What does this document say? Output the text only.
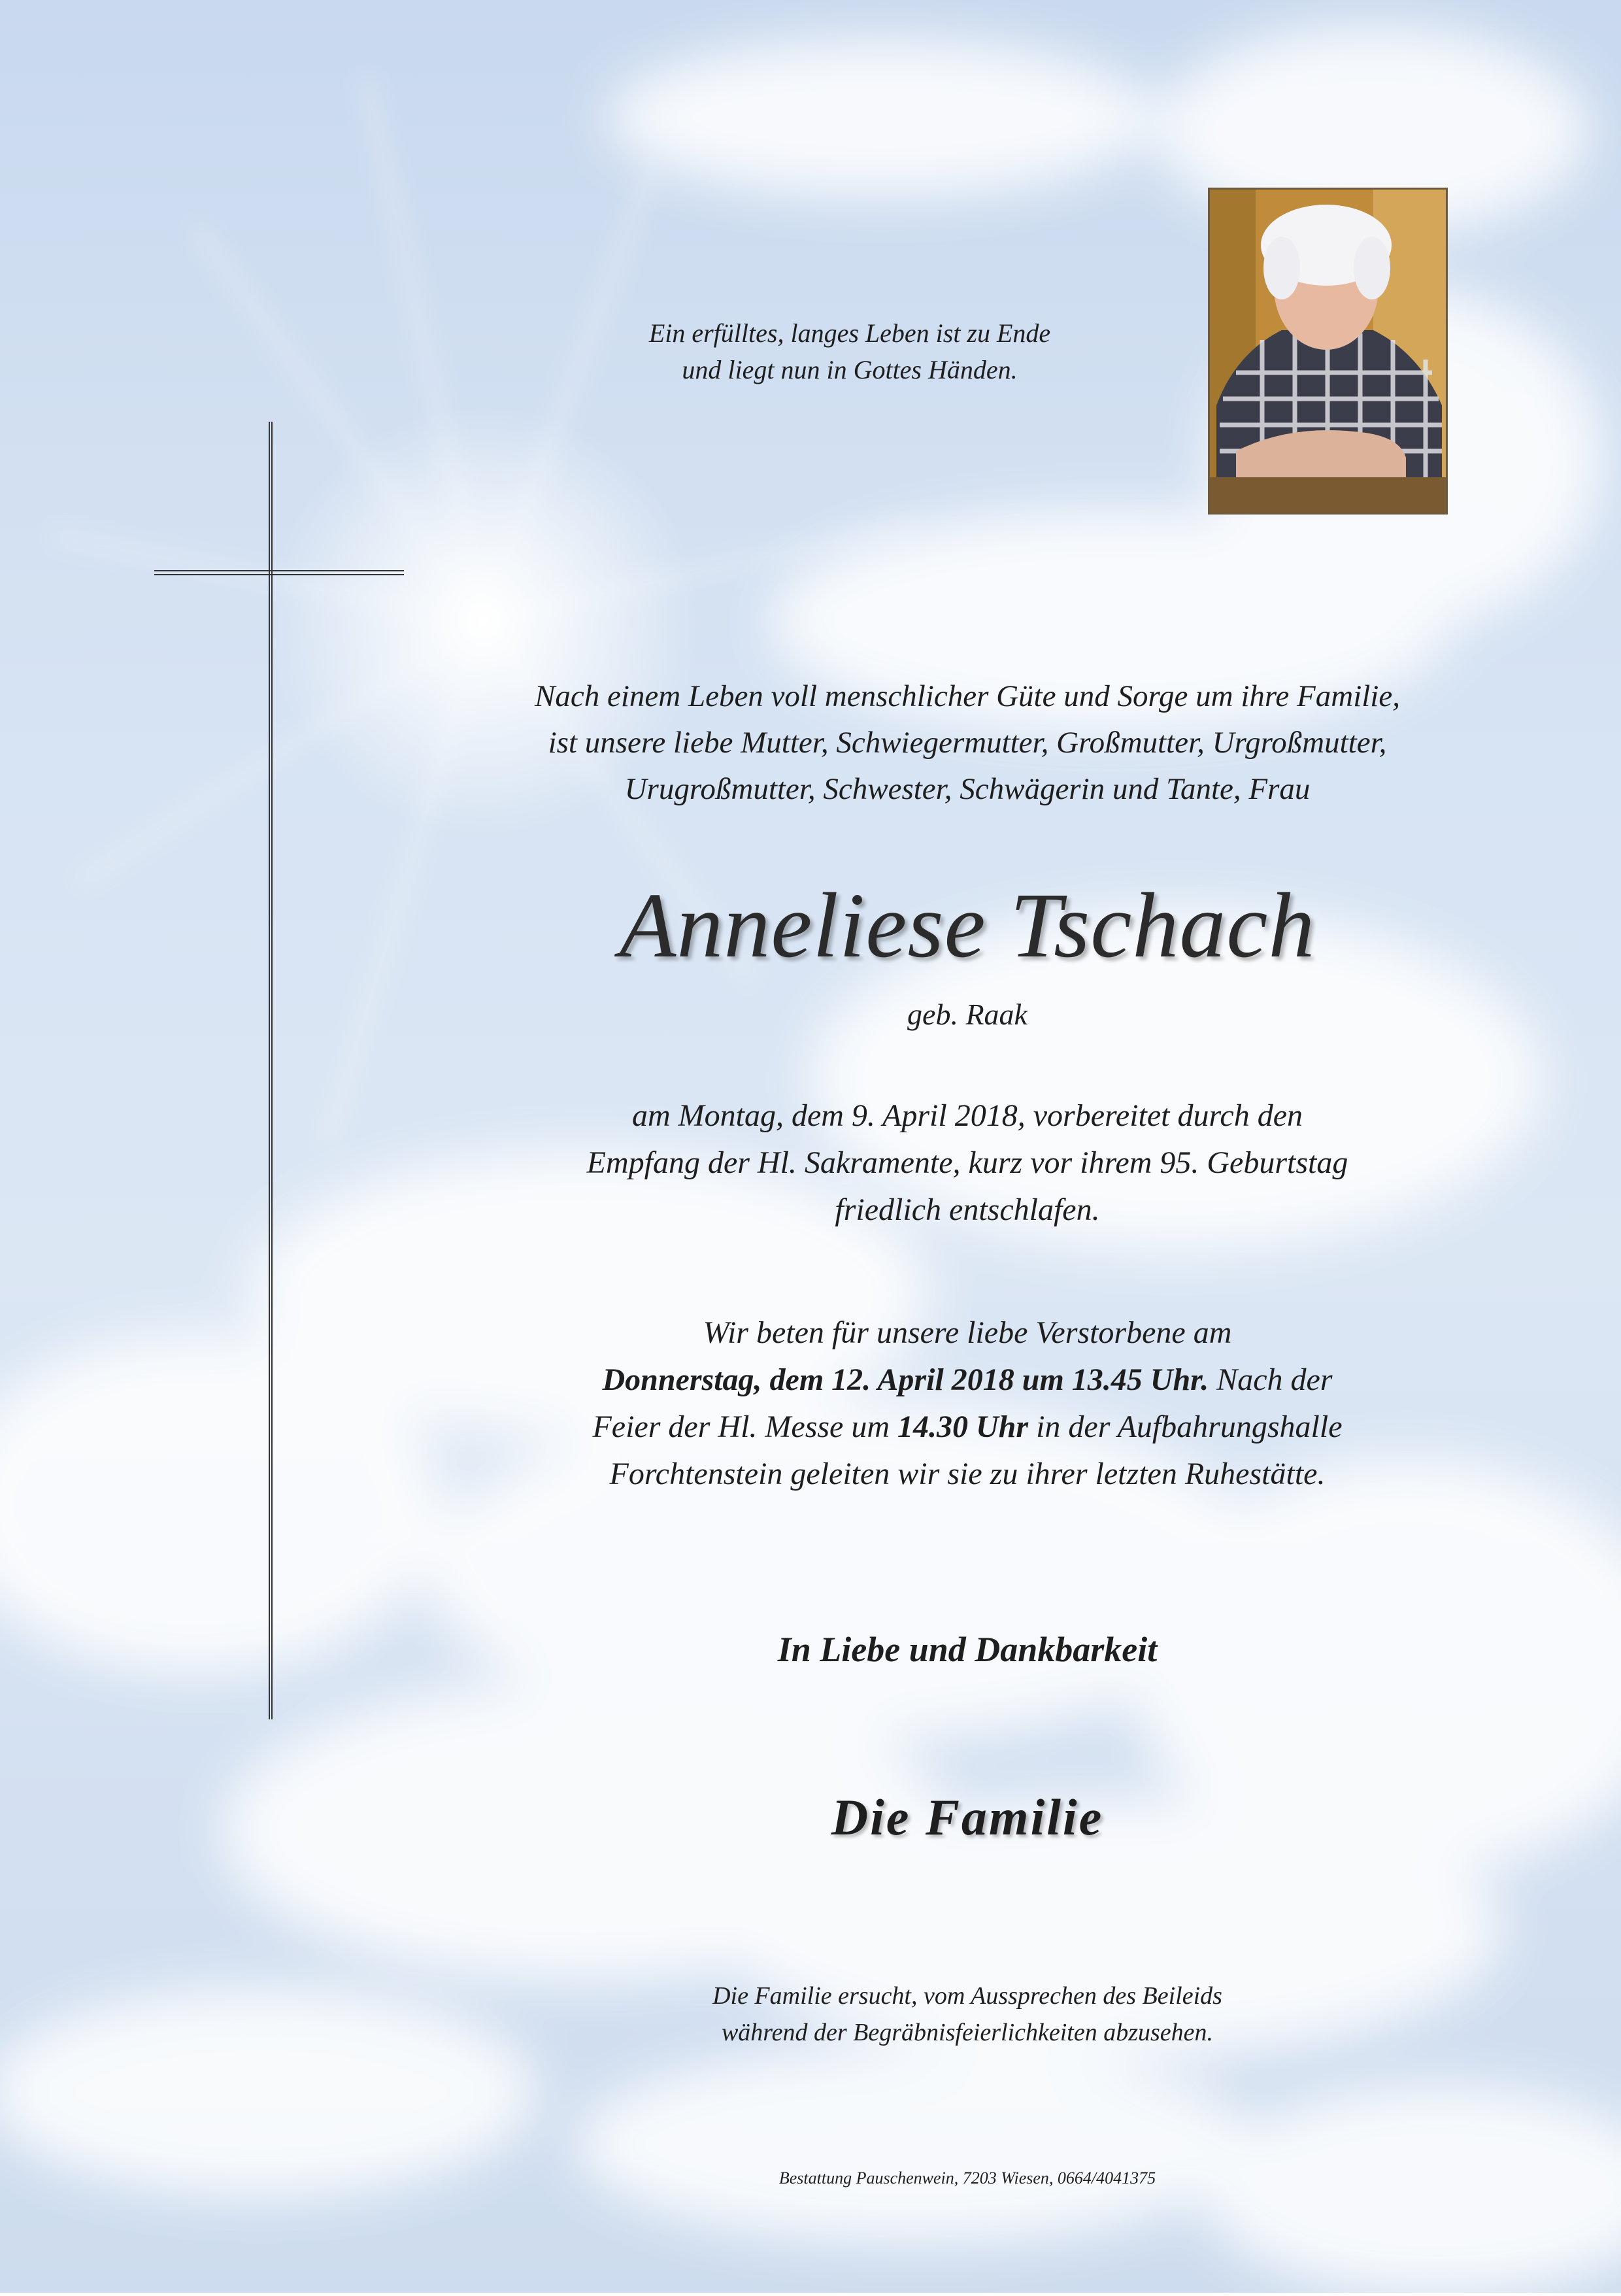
Ein erfülltes, langes Leben ist zu Ende
und liegt nun in Gottes Händen.
Nach einem Leben voll menschlicher Güte und Sorge um ihre Familie,
ist unsere liebe Mutter, Schwiegermutter, Großmutter, Urgroßmutter,
Urugroßmutter, Schwester, Schwägerin und Tante, Frau
Anneliese Tschach
geb. Raak
am Montag, dem 9. April 2018, vorbereitet durch den
Empfang der Hl. Sakramente, kurz vor ihrem 95. Geburtstag
friedlich entschlafen.
Wir beten für unsere liebe Verstorbene am
Donnerstag, dem 12. April 2018 um 13.45 Uhr. Nach der
Feier der Hl. Messe um 14.30 Uhr in der Aufbahrungshalle
Forchtenstein geleiten wir sie zu ihrer letzten Ruhestätte.
In Liebe und Dankbarkeit
Die Familie
Die Familie ersucht, vom Aussprechen des Beileids
während der Begräbnisfeierlichkeiten abzusehen.
Bestattung Pauschenwein, 7203 Wiesen, 0664/4041375
